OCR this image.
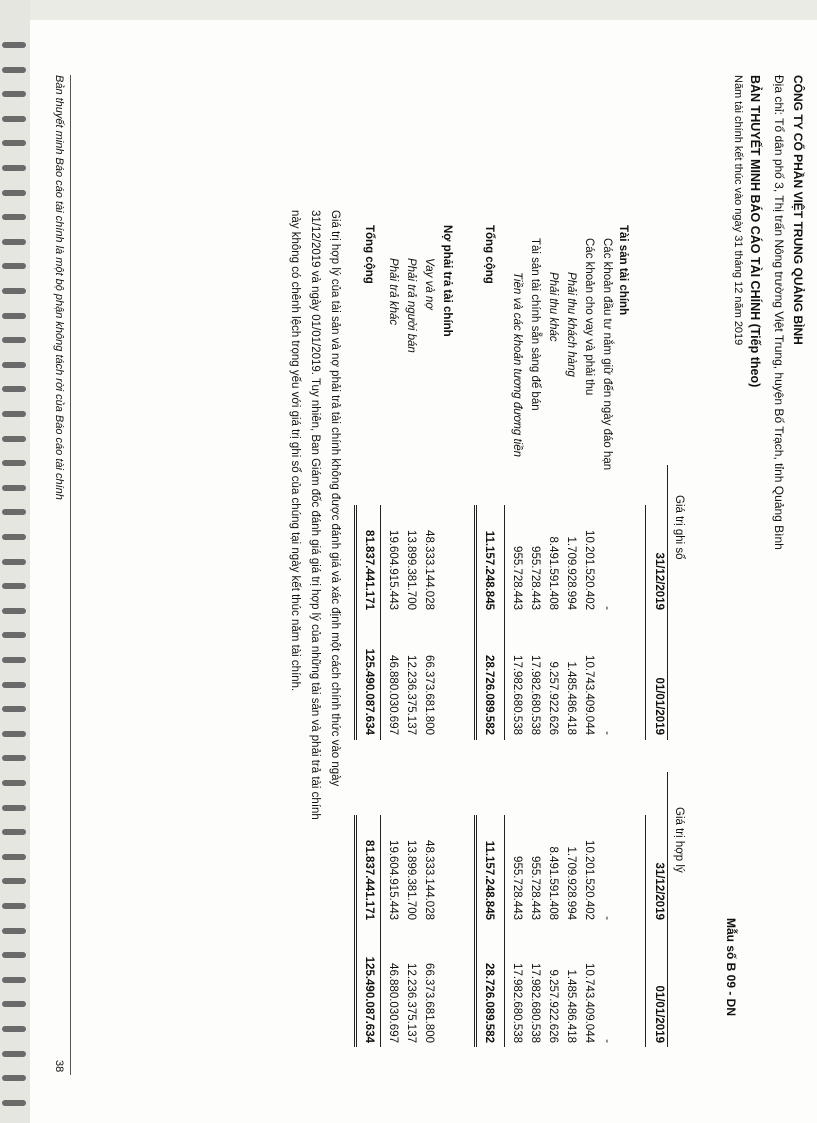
CÔNG TY CỔ PHẦN VIỆT TRUNG QUẢNG BÌNH
Địa chỉ: Tổ dân phố 3, Thị trấn Nông trường Việt Trung, huyện Bố Trạch, tỉnh Quảng Bình
BẢN THUYẾT MINH BÁO CÁO TÀI CHÍNH (Tiếp theo)
Năm tài chính kết thúc vào ngày 31 tháng 12 năm 2019
Mẫu số B 09 - DN
Giá trị ghi sổ
Giá trị hợp lý
31/12/2019
01/01/2019
31/12/2019
01/01/2019
Tài sản tài chính
Các khoản đầu tư nắm giữ đến ngày đáo hạn
-
-
-
-
Các khoản cho vay và phải thu
10.201.520.402
10.743.409.044
10.201.520.402
10.743.409.044
Phải thu khách hàng
1.709.928.994
1.485.486.418
1.709.928.994
1.485.486.418
Phải thu khác
8.491.591.408
9.257.922.626
8.491.591.408
9.257.922.626
Tài sản tài chính sẵn sàng để bán
955.728.443
17.982.680.538
955.728.443
17.982.680.538
Tiền và các khoản tương đương tiền
955.728.443
17.982.680.538
955.728.443
17.982.680.538
Tổng cộng
11.157.248.845
28.726.089.582
11.157.248.845
28.726.089.582
Nợ phải trả tài chính
Vay và nợ
48.333.144.028
66.373.681.800
48.333.144.028
66.373.681.800
Phải trả người bán
13.899.381.700
12.236.375.137
13.899.381.700
12.236.375.137
Phải trả khác
19.604.915.443
46.880.030.697
19.604.915.443
46.880.030.697
Tổng cộng
81.837.441.171
125.490.087.634
81.837.441.171
125.490.087.634
Giá trị hợp lý của tài sản và nợ phải trả tài chính không được đánh giá và xác định một cách chính thức vào ngày 31/12/2019 và ngày 01/01/2019. Tuy nhiên, Ban Giám đốc đánh giá giá trị hợp lý của những tài sản và phải trả tài chính này không có chênh lệch trọng yếu với giá trị ghi sổ của chúng tại ngày kết thúc năm tài chính.
Bản thuyết minh Báo cáo tài chính là một bộ phận không tách rời của Báo cáo tài chính
38
